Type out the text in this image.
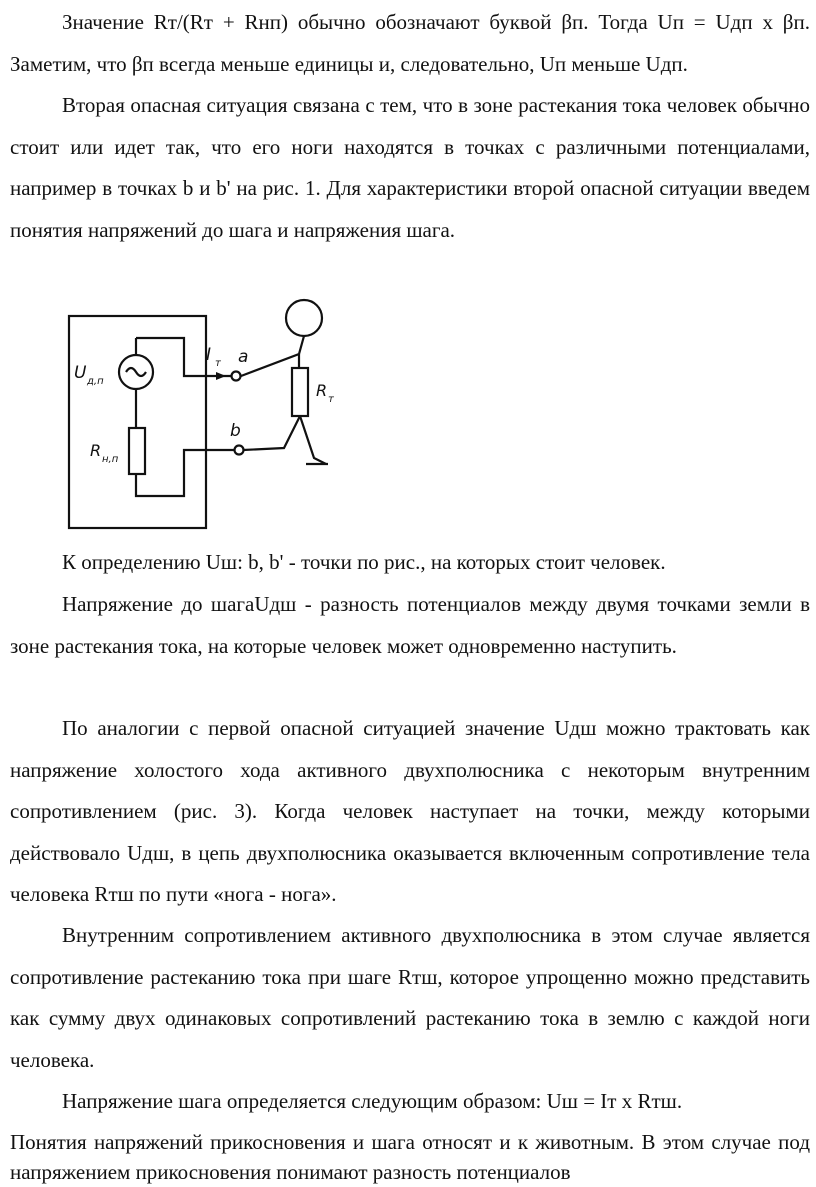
Значение Rт/(Rт + Rнп) обычно обозначают буквой βп. Тогда Uп = Uдп x βп. Заметим, что βп всегда меньше единицы и, следовательно, Uп меньше Uдп.

Вторая опасная ситуация связана с тем, что в зоне растекания тока человек обычно стоит или идет так, что его ноги находятся в точках с различными потенциалами, например в точках b и b' на рис. 1. Для характеристики второй опасной ситуации введем понятия напряжений до шага и напряжения шага.

U д,п
R н,п
I т a
b
R т

К определению Uш: b, b' - точки по рис., на которых стоит человек.

Напряжение до шагаUдш - разность потенциалов между двумя точками земли в зоне растекания тока, на которые человек может одновременно наступить.

По аналогии с первой опасной ситуацией значение Uдш можно трактовать как напряжение холостого хода активного двухполюсника с некоторым внутренним сопротивлением (рис. 3). Когда человек наступает на точки, между которыми действовало Uдш, в цепь двухполюсника оказывается включенным сопротивление тела человека Rтш по пути «нога - нога».

Внутренним сопротивлением активного двухполюсника в этом случае является сопротивление растеканию тока при шаге Rтш, которое упрощенно можно представить как сумму двух одинаковых сопротивлений растеканию тока в землю с каждой ноги человека.

Напряжение шага определяется следующим образом: Uш = Iт x Rтш.

Понятия напряжений прикосновения и шага относят и к животным. В этом случае под напряжением прикосновения понимают разность потенциалов
